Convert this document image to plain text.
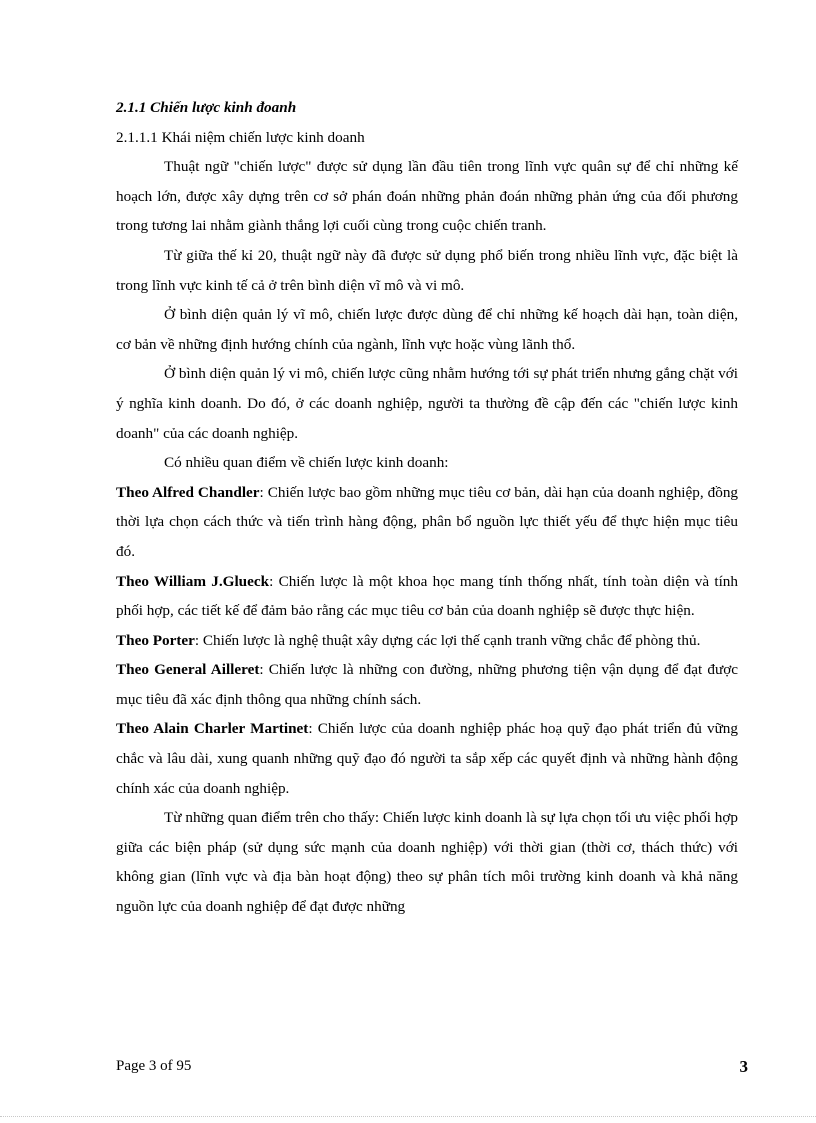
2.1.1 Chiến lược kinh đoanh

2.1.1.1 Khái niệm chiến lược kinh doanh

Thuật ngữ "chiến lược" được sử dụng lần đầu tiên trong lĩnh vực quân sự để chỉ những kế hoạch lớn, được xây dựng trên cơ sở phán đoán những phản đoán những phản ứng của đối phương trong tương lai nhằm giành thắng lợi cuối cùng trong cuộc chiến tranh.

Từ giữa thế kỉ 20, thuật ngữ này đã được sử dụng phổ biến trong nhiều lĩnh vực, đặc biệt là trong lĩnh vực kinh tế cả ở trên bình diện vĩ mô và vi mô.

Ở bình diện quản lý vĩ mô, chiến lược được dùng để chỉ những kế hoạch dài hạn, toàn diện, cơ bản về những định hướng chính của ngành, lĩnh vực hoặc vùng lãnh thổ.

Ở bình diện quản lý vi mô, chiến lược cũng nhằm hướng tới sự phát triển nhưng gắng chặt với ý nghĩa kinh doanh. Do đó, ở các doanh nghiệp, người ta thường đề cập đến các "chiến lược kinh doanh" của các doanh nghiệp.

Có nhiều quan điểm về chiến lược kinh doanh:

Theo Alfred Chandler: Chiến lược bao gồm những mục tiêu cơ bản, dài hạn của doanh nghiệp, đồng thời lựa chọn cách thức và tiến trình hàng động, phân bổ nguồn lực thiết yếu để thực hiện mục tiêu đó.

Theo William J.Glueck: Chiến lược là một khoa học mang tính thống nhất, tính toàn diện và tính phối hợp, các tiết kế để đảm bảo rằng các mục tiêu cơ bản của doanh nghiệp sẽ được thực hiện.

Theo Porter: Chiến lược là nghệ thuật xây dựng các lợi thế cạnh tranh vững chắc để phòng thủ.

Theo General Ailleret: Chiến lược là những con đường, những phương tiện vận dụng để đạt được mục tiêu đã xác định thông qua những chính sách.

Theo Alain Charler Martinet: Chiến lược của doanh nghiệp phác hoạ quỹ đạo phát triển đủ vững chắc và lâu dài, xung quanh những quỹ đạo đó người ta sắp xếp các quyết định và những hành động chính xác của doanh nghiệp.

Từ những quan điểm trên cho thấy: Chiến lược kinh doanh là sự lựa chọn tối ưu việc phối hợp giữa các biện pháp (sử dụng sức mạnh của doanh nghiệp) với thời gian (thời cơ, thách thức) với không gian (lĩnh vực và địa bàn hoạt động) theo sự phân tích môi trường kinh doanh và khả năng nguồn lực của doanh nghiệp để đạt được những

Page 3 of 95	3
